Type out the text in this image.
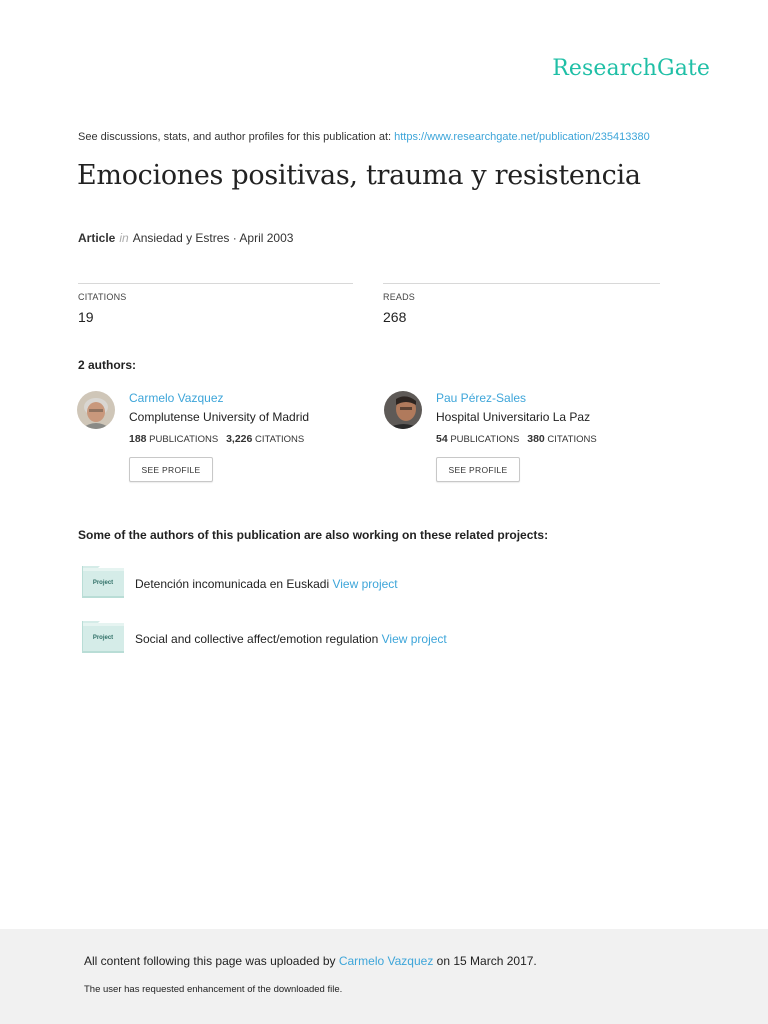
ResearchGate
See discussions, stats, and author profiles for this publication at: https://www.researchgate.net/publication/235413380
Emociones positivas, trauma y resistencia
Article in Ansiedad y Estres · April 2003
CITATIONS
19
READS
268
2 authors:
Carmelo Vazquez
Complutense University of Madrid
188 PUBLICATIONS 3,226 CITATIONS
SEE PROFILE
Pau Pérez-Sales
Hospital Universitario La Paz
54 PUBLICATIONS 380 CITATIONS
SEE PROFILE
Some of the authors of this publication are also working on these related projects:
Project	Detención incomunicada en Euskadi View project
Project	Social and collective affect/emotion regulation View project
All content following this page was uploaded by Carmelo Vazquez on 15 March 2017.
The user has requested enhancement of the downloaded file.
